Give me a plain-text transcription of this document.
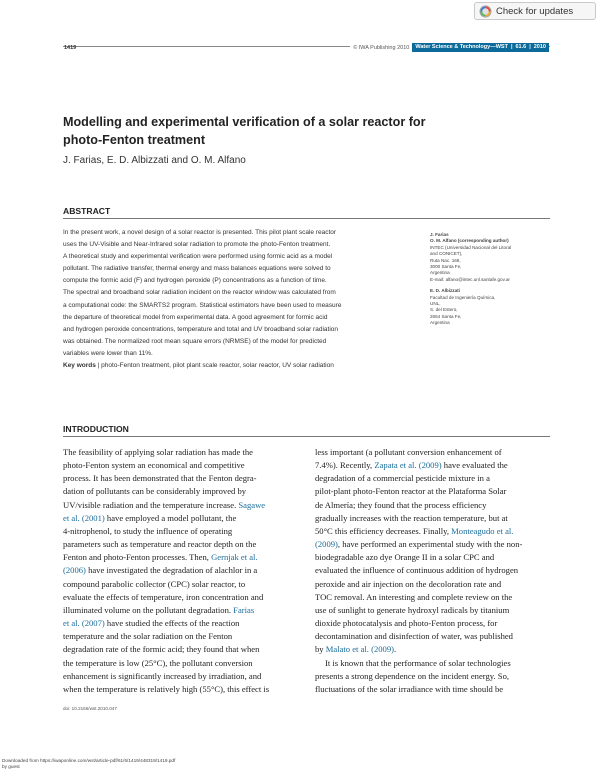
Check for updates
1419	© IWA Publishing 2010	Water Science & Technology—WST | 61.6 | 2010
Modelling and experimental verification of a solar reactor for photo-Fenton treatment
J. Farias, E. D. Albizzati and O. M. Alfano
ABSTRACT

In the present work, a novel design of a solar reactor is presented. This pilot plant scale reactor

uses the UV-Visible and Near-Infrared solar radiation to promote the photo-Fenton treatment.

A theoretical study and experimental verification were performed using formic acid as a model

pollutant. The radiative transfer, thermal energy and mass balances equations were solved to

compute the formic acid (F) and hydrogen peroxide (P) concentrations as a function of time.

The spectral and broadband solar radiation incident on the reactor window was calculated from

a computational code: the SMARTS2 program. Statistical estimators have been used to measure

the departure of theoretical model from experimental data. A good agreement for formic acid

and hydrogen peroxide concentrations, temperature and total and UV broadband solar radiation

was obtained. The normalized root mean square errors (NRMSE) of the model for predicted

variables were lower than 11%.

Key words | photo-Fenton treatment, pilot plant scale reactor, solar reactor, UV solar radiation

J. Farias
O. M. Alfano (corresponding author)
INTEC (Universidad Nacional del Litoral
and CONICET),
Ruta Nac. 168,
3000 Santa Fe,
Argentina
E-mail: alfano@intec.unl.santafe.gov.ar
E. D. Albizzati
Facultad de Ingeniería Química,
UNL,
S. del Estero,
2654 Santa Fe,
Argentina
INTRODUCTION

The feasibility of applying solar radiation has made the

photo-Fenton system an economical and competitive

process. It has been demonstrated that the Fenton degra-

dation of pollutants can be considerably improved by

UV/visible radiation and the temperature increase. Sagawe

et al. (2001) have employed a model pollutant, the

4-nitrophenol, to study the influence of operating

parameters such as temperature and reactor depth on the

Fenton and photo-Fenton processes. Then, Gernjak et al.

(2006) have investigated the degradation of alachlor in a

compound parabolic collector (CPC) solar reactor, to

evaluate the effects of temperature, iron concentration and

illuminated volume on the pollutant degradation. Farias

et al. (2007) have studied the effects of the reaction

temperature and the solar radiation on the Fenton

degradation rate of the formic acid; they found that when

the temperature is low (25°C), the pollutant conversion

enhancement is significantly increased by irradiation, and

when the temperature is relatively high (55°C), this effect is

less important (a pollutant conversion enhancement of

7.4%). Recently, Zapata et al. (2009) have evaluated the

degradation of a commercial pesticide mixture in a

pilot-plant photo-Fenton reactor at the Plataforma Solar

de Almería; they found that the process efficiency

gradually increases with the reaction temperature, but at

50°C this efficiency decreases. Finally, Monteagudo et al.

(2009), have performed an experimental study with the non-

biodegradable azo dye Orange II in a solar CPC and

evaluated the influence of continuous addition of hydrogen

peroxide and air injection on the decoloration rate and

TOC removal. An interesting and complete review on the

use of sunlight to generate hydroxyl radicals by titanium

dioxide photocatalysis and photo-Fenton process, for

decontamination and disinfection of water, was published

by Malato et al. (2009).

It is known that the performance of solar technologies

presents a strong dependence on the incident energy. So,

fluctuations of the solar irradiance with time should be

doi: 10.2166/wst.2010.047
Downloaded from https://iwaponline.com/wst/article-pdf/61/6/1419/448319/1419.pdf
by guest
